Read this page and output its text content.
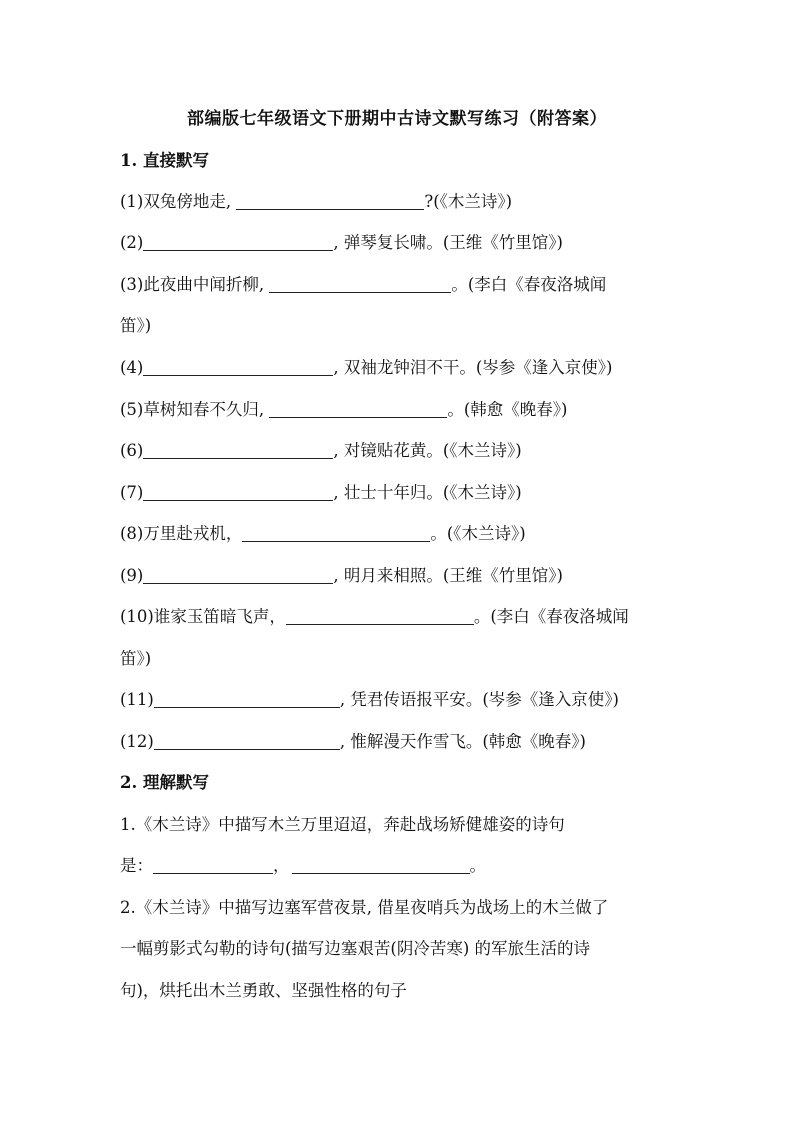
部编版七年级语文下册期中古诗文默写练习（附答案）
1. 直接默写
(1)双兔傍地走,	?(《木兰诗》)
(2)	, 弹琴复长啸。(王维《竹里馆》)
(3)此夜曲中闻折柳,	。(李白《春夜洛城闻
笛》)
(4)	, 双袖龙钟泪不干。(岑参《逢入京使》)
(5)草树知春不久归,	。(韩愈《晚春》)
(6)	, 对镜贴花黄。(《木兰诗》)
(7)	, 壮士十年归。(《木兰诗》)
(8)万里赴戎机，	。(《木兰诗》)
(9)	, 明月来相照。(王维《竹里馆》)
(10)谁家玉笛暗飞声，	。(李白《春夜洛城闻
笛》)
(11)	, 凭君传语报平安。(岑参《逢入京使》)
(12)	, 惟解漫天作雪飞。(韩愈《晚春》)
2. 理解默写
1.《木兰诗》中描写木兰万里迢迢，奔赴战场矫健雄姿的诗句
是：	，	。
2.《木兰诗》中描写边塞军营夜景, 借星夜哨兵为战场上的木兰做了
一幅剪影式勾勒的诗句(描写边塞艰苦(阴冷苦寒) 的军旅生活的诗
句)，烘托出木兰勇敢、坚强性格的句子
